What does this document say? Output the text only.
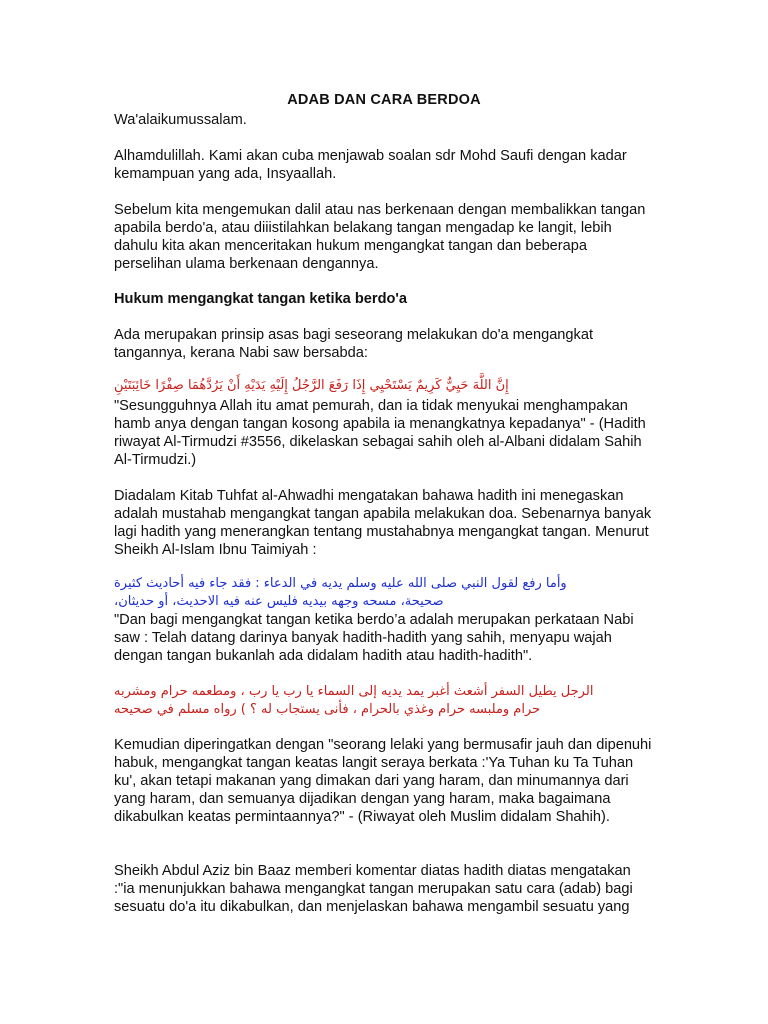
ADAB DAN CARA BERDOA

Wa'alaikumussalam.

Alhamdulillah. Kami akan cuba menjawab soalan sdr Mohd Saufi dengan kadar kemampuan yang ada, Insyaallah.

Sebelum kita mengemukan dalil atau nas berkenaan dengan membalikkan tangan apabila berdo'a, atau diiistilahkan belakang tangan mengadap ke langit, lebih dahulu kita akan menceritakan hukum mengangkat tangan dan beberapa perselihan ulama berkenaan dengannya.

Hukum mengangkat tangan ketika berdo'a

Ada merupakan prinsip asas bagi seseorang melakukan do'a mengangkat tangannya, kerana Nabi saw bersabda:

إِنَّ اللَّهَ حَيِيٌّ كَرِيمٌ يَسْتَحْيِي إِذَا رَفَعَ الرَّجُلُ إِلَيْهِ يَدَيْهِ أَنْ يَرُدَّهُمَا صِفْرًا خَائِبَتَيْنِ

"Sesungguhnya Allah itu amat pemurah, dan ia tidak menyukai menghampakan hamb anya dengan tangan kosong apabila ia menangkatnya kepadanya" - (Hadith riwayat Al-Tirmudzi #3556, dikelaskan sebagai sahih oleh al-Albani didalam Sahih Al-Tirmudzi.)

Diadalam Kitab Tuhfat al-Ahwadhi mengatakan bahawa hadith ini menegaskan adalah mustahab mengangkat tangan apabila melakukan doa. Sebenarnya banyak lagi hadith yang menerangkan tentang mustahabnya mengangkat tangan. Menurut Sheikh Al-Islam Ibnu Taimiyah :

وأما رفع لقول النبي صلى الله عليه وسلم يديه في الدعاء : فقد جاء فيه أحاديث كثيرة

صحيحة، مسحه وجهه بيديه فليس عنه فيه الاحديث، أو حديثان،

"Dan bagi mengangkat tangan ketika berdo’a adalah merupakan perkataan Nabi saw : Telah datang darinya banyak hadith-hadith yang sahih, menyapu wajah dengan tangan bukanlah ada didalam hadith atau hadith-hadith".

الرجل يطيل السفر أشعث أغبر يمد يديه إلى السماء يا رب يا رب ، ومطعمه حرام ومشربه

حرام وملبسه حرام وغذي بالحرام ، فأنى يستجاب له ؟ ) رواه مسلم في صحيحه

Kemudian diperingatkan dengan "seorang lelaki yang bermusafir jauh dan dipenuhi habuk, mengangkat tangan keatas langit seraya berkata :'Ya Tuhan ku Ta Tuhan ku', akan tetapi makanan yang dimakan dari yang haram, dan minumannya dari yang haram, dan semuanya dijadikan dengan yang haram, maka bagaimana dikabulkan keatas permintaannya?" - (Riwayat oleh Muslim didalam Shahih).

Sheikh Abdul Aziz bin Baaz memberi komentar diatas hadith diatas mengatakan :"ia menunjukkan bahawa mengangkat tangan merupakan satu cara (adab) bagi sesuatu do'a itu dikabulkan, dan menjelaskan bahawa mengambil sesuatu yang
